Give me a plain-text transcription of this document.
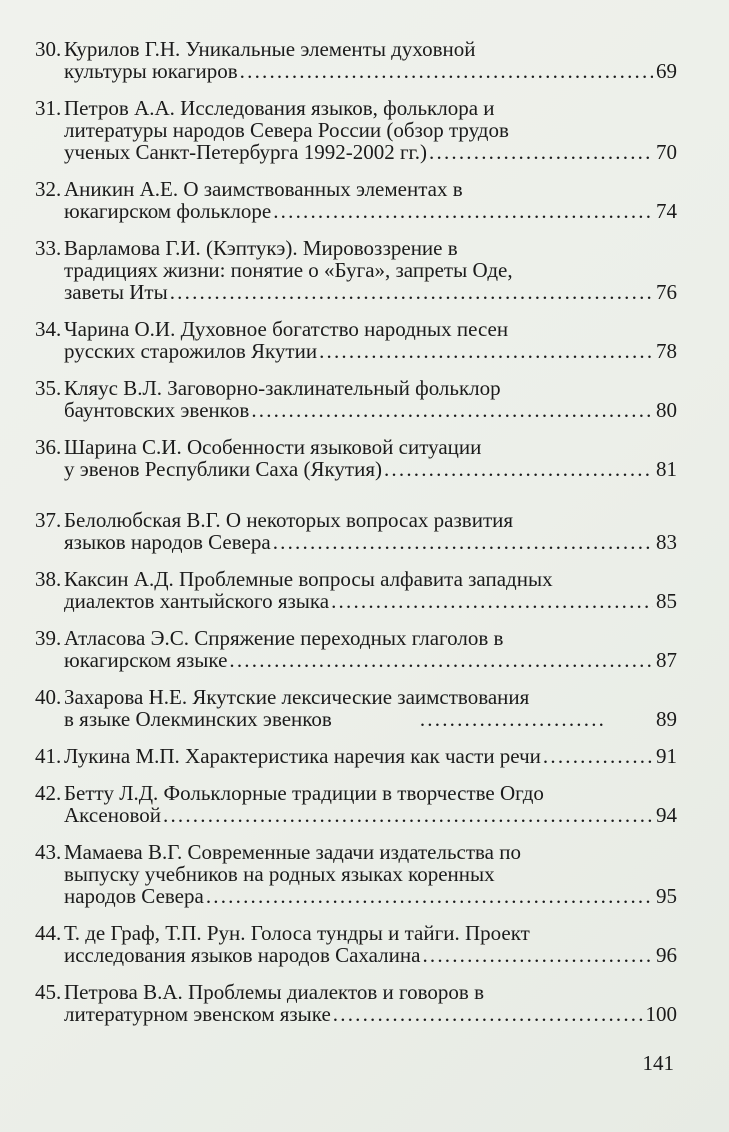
30. Курилов Г.Н. Уникальные элементы духовной
культуры юкагиров .....	69
31. Петров А.А. Исследования языков, фольклора и
литературы народов Севера России (обзор трудов
ученых Санкт-Петербурга 1992-2002 гг.) .....	70
32. Аникин А.Е. О заимствованных элементах в
юкагирском фольклоре .....	74
33. Варламова Г.И. (Кэптукэ). Мировоззрение в
традициях жизни: понятие о «Буга», запреты Оде,
заветы Иты .....	76
34. Чарина О.И. Духовное богатство народных песен
русских старожилов Якутии .....	78
35. Кляус В.Л. Заговорно-заклинательный фольклор
баунтовских эвенков .....	80
36. Шарина С.И. Особенности языковой ситуации
у эвенов Республики Саха (Якутия) .....	81
37. Белолюбская В.Г. О некоторых вопросах развития
языков народов Севера .....	83
38. Каксин А.Д. Проблемные вопросы алфавита западных
диалектов хантыйского языка .....	85
39. Атласова Э.С. Спряжение переходных глаголов в
юкагирском языке .....	87
40. Захарова Н.Е. Якутские лексические заимствования
в языке Олекминских эвенков .....	89
41. Лукина М.П. Характеристика наречия как части речи .....	91
42. Бетту Л.Д. Фольклорные традиции в творчестве Огдо
Аксеновой .....	94
43. Мамаева В.Г. Современные задачи издательства по
выпуску учебников на родных языках коренных
народов Севера .....	95
44. Т. де Граф, Т.П. Рун. Голоса тундры и тайги. Проект
исследования языков народов Сахалина .....	96
45. Петрова В.А. Проблемы диалектов и говоров в
литературном эвенском языке .....	100
141
